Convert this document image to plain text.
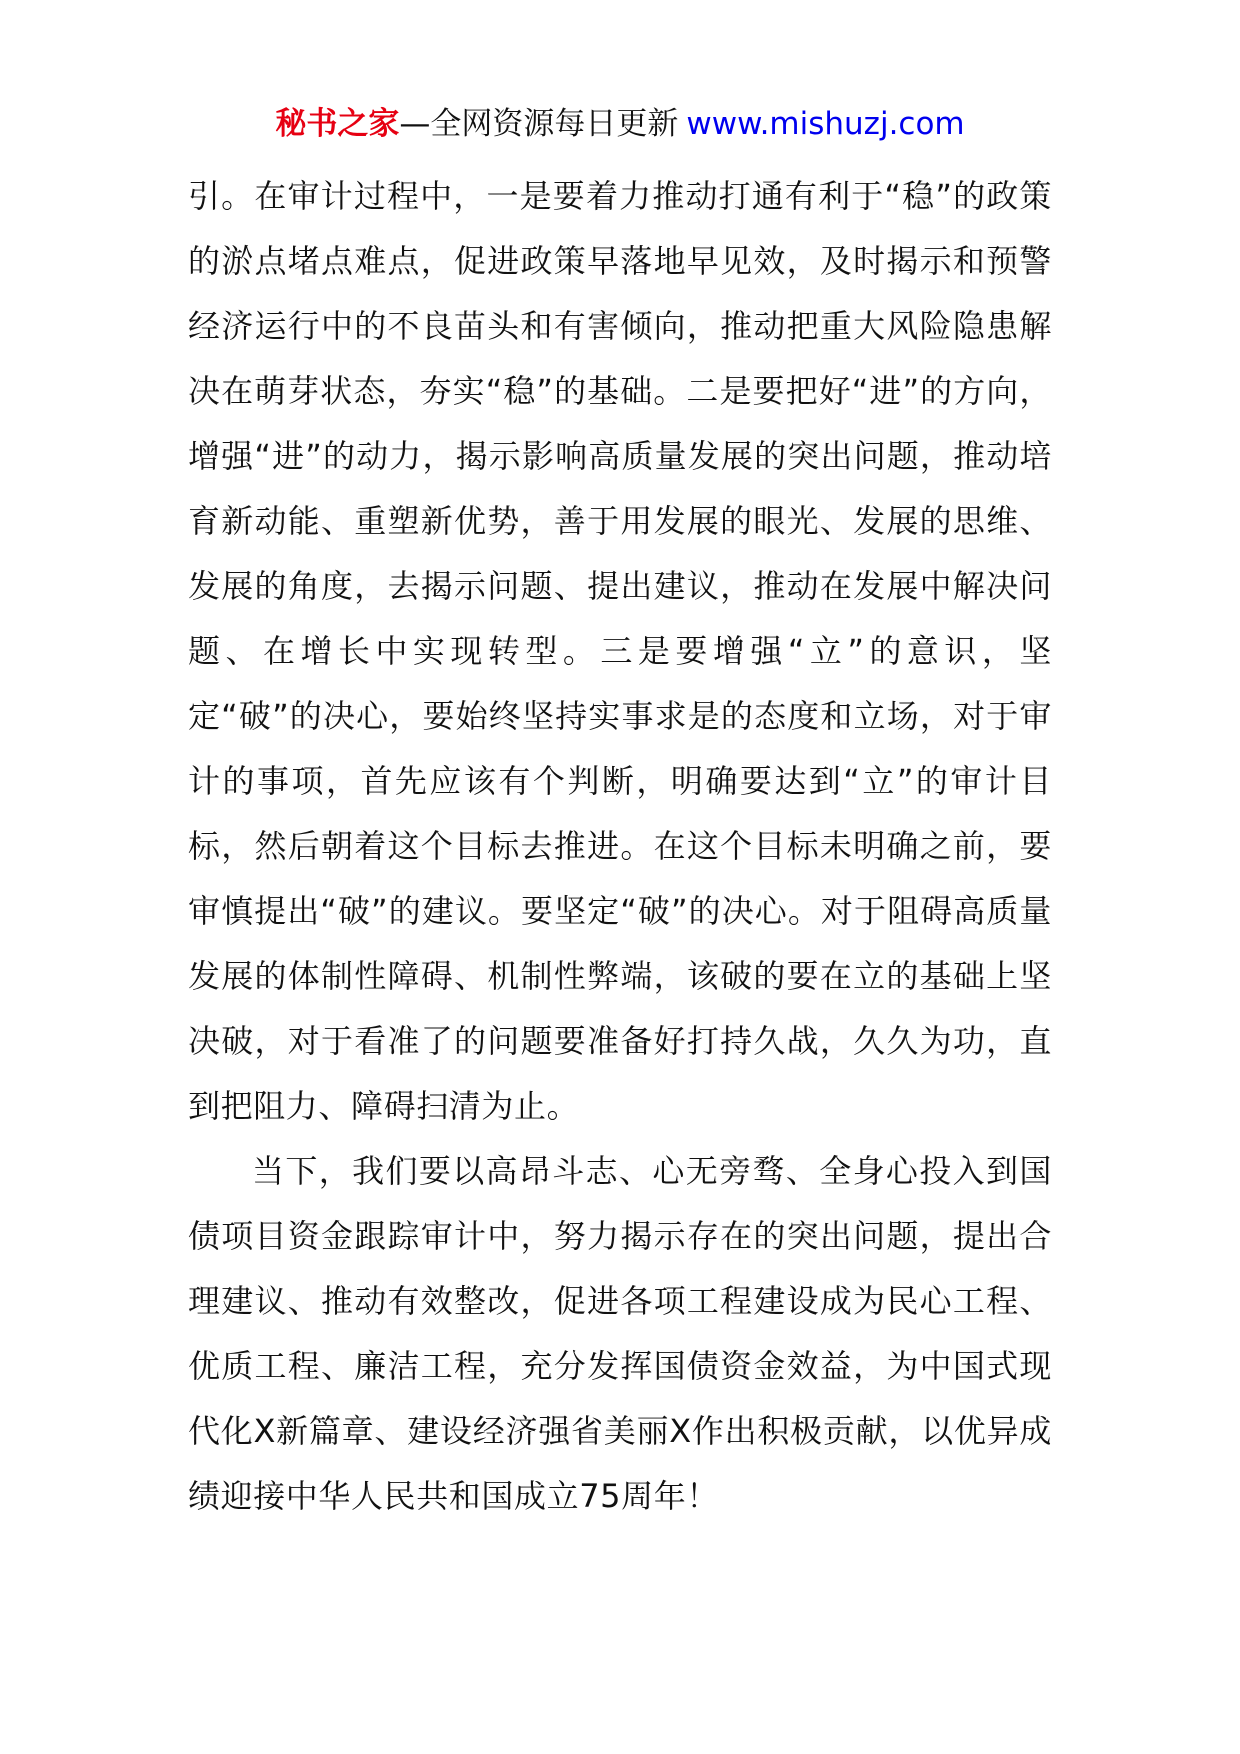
秘书之家—全网资源每日更新 www.mishuzj.com

引。在审计过程中，一是要着力推动打通有利于“稳”的政策的淤点堵点难点，促进政策早落地早见效，及时揭示和预警经济运行中的不良苗头和有害倾向，推动把重大风险隐患解决在萌芽状态，夯实“稳”的基础。二是要把好“进”的方向，增强“进”的动力，揭示影响高质量发展的突出问题，推动培育新动能、重塑新优势，善于用发展的眼光、发展的思维、发展的角度，去揭示问题、提出建议，推动在发展中解决问题、在增长中实现转型。三是要增强“立”的意识，坚定“破”的决心，要始终坚持实事求是的态度和立场，对于审计的事项，首先应该有个判断，明确要达到“立”的审计目标，然后朝着这个目标去推进。在这个目标未明确之前，要审慎提出“破”的建议。要坚定“破”的决心。对于阻碍高质量发展的体制性障碍、机制性弊端，该破的要在立的基础上坚决破，对于看准了的问题要准备好打持久战，久久为功，直到把阻力、障碍扫清为止。

当下，我们要以高昂斗志、心无旁骛、全身心投入到国债项目资金跟踪审计中，努力揭示存在的突出问题，提出合理建议、推动有效整改，促进各项工程建设成为民心工程、优质工程、廉洁工程，充分发挥国债资金效益，为中国式现代化X新篇章、建设经济强省美丽X作出积极贡献，以优异成绩迎接中华人民共和国成立75周年！
